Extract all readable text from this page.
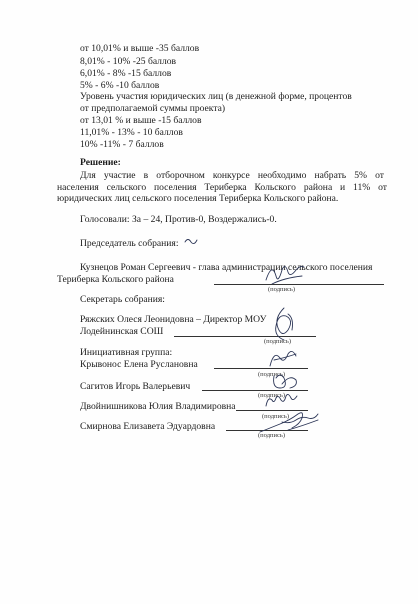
от 10,01% и выше -35 баллов
8,01% - 10% -25 баллов
6,01% - 8% -15 баллов
5% - 6% -10 баллов
Уровень участия юридических лиц (в денежной форме, процентов
от предполагаемой суммы проекта)
от 13,01 % и выше -15 баллов
11,01% - 13% - 10 баллов
10% -11% - 7 баллов
Решение:
Для участие в отборочном конкурсе необходимо набрать 5% от
населения сельского поселения Териберка Кольского района и 11% от
юридических лиц сельского поселения Териберка Кольского района.
Голосовали: За – 24, Против-0, Воздержались-0.
Председатель собрания:
Кузнецов Роман Сергеевич - глава администрации сельского поселения
Териберка Кольского района
(подпись)
Секретарь собрания:
Ряжских Олеся Леонидовна – Директор МОУ
Лодейнинская СОШ
(подпись)
Инициативная группа:
Крывонос Елена Руслановна
(подпись)
Сагитов Игорь Валерьевич
(подпись)
Двойнишникова Юлия Владимировна
(подпись)
Смирнова Елизавета Эдуардовна
(подпись)
